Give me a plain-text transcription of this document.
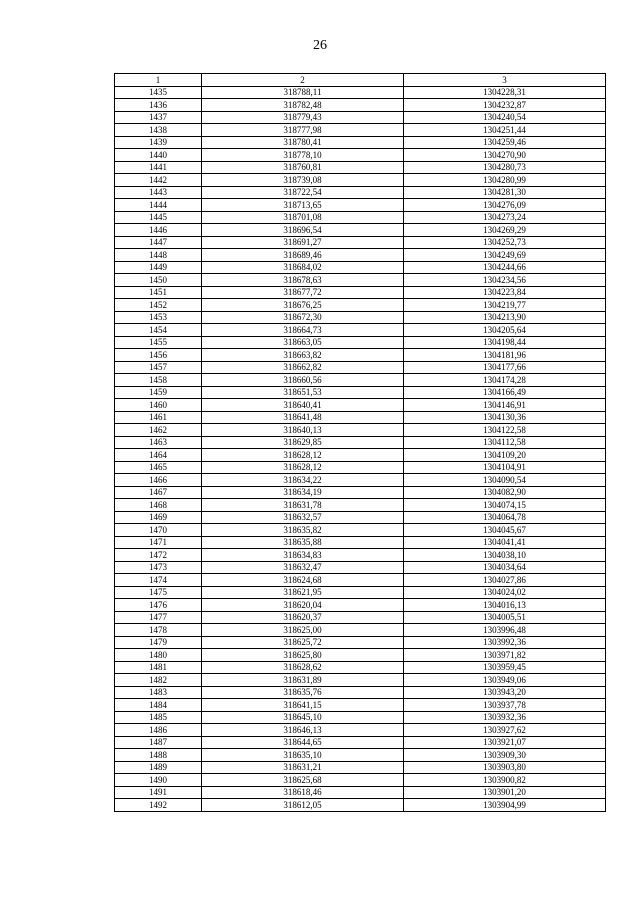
26
1	2	3
1435	318788,11	1304228,31
1436	318782,48	1304232,87
1437	318779,43	1304240,54
1438	318777,98	1304251,44
1439	318780,41	1304259,46
1440	318778,10	1304270,90
1441	318760,81	1304280,73
1442	318739,08	1304280,99
1443	318722,54	1304281,30
1444	318713,65	1304276,09
1445	318701,08	1304273,24
1446	318696,54	1304269,29
1447	318691,27	1304252,73
1448	318689,46	1304249,69
1449	318684,02	1304244,66
1450	318678,63	1304234,56
1451	318677,72	1304223,84
1452	318676,25	1304219,77
1453	318672,30	1304213,90
1454	318664,73	1304205,64
1455	318663,05	1304198,44
1456	318663,82	1304181,96
1457	318662,82	1304177,66
1458	318660,56	1304174,28
1459	318651,53	1304166,49
1460	318640,41	1304146,91
1461	318641,48	1304130,36
1462	318640,13	1304122,58
1463	318629,85	1304112,58
1464	318628,12	1304109,20
1465	318628,12	1304104,91
1466	318634,22	1304090,54
1467	318634,19	1304082,90
1468	318631,78	1304074,15
1469	318632,57	1304064,78
1470	318635,82	1304045,67
1471	318635,88	1304041,41
1472	318634,83	1304038,10
1473	318632,47	1304034,64
1474	318624,68	1304027,86
1475	318621,95	1304024,02
1476	318620,04	1304016,13
1477	318620,37	1304005,51
1478	318625,00	1303996,48
1479	318625,72	1303992,36
1480	318625,80	1303971,82
1481	318628,62	1303959,45
1482	318631,89	1303949,06
1483	318635,76	1303943,20
1484	318641,15	1303937,78
1485	318645,10	1303932,36
1486	318646,13	1303927,62
1487	318644,65	1303921,07
1488	318635,10	1303909,30
1489	318631,21	1303903,80
1490	318625,68	1303900,82
1491	318618,46	1303901,20
1492	318612,05	1303904,99
